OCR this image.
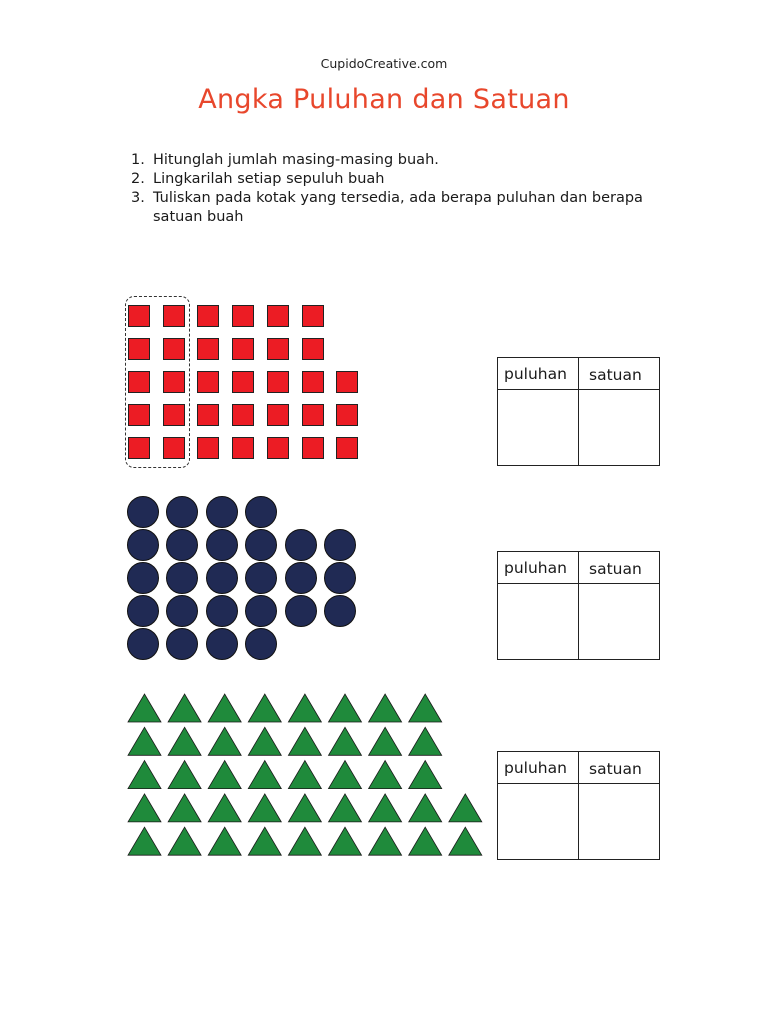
CupidoCreative.com
Angka Puluhan dan Satuan
1. Hitunglah jumlah masing-masing buah.
2. Lingkarilah setiap sepuluh buah
3. Tuliskan pada kotak yang tersedia, ada berapa puluhan dan berapa satuan buah
puluhan satuan
puluhan satuan
puluhan satuan
